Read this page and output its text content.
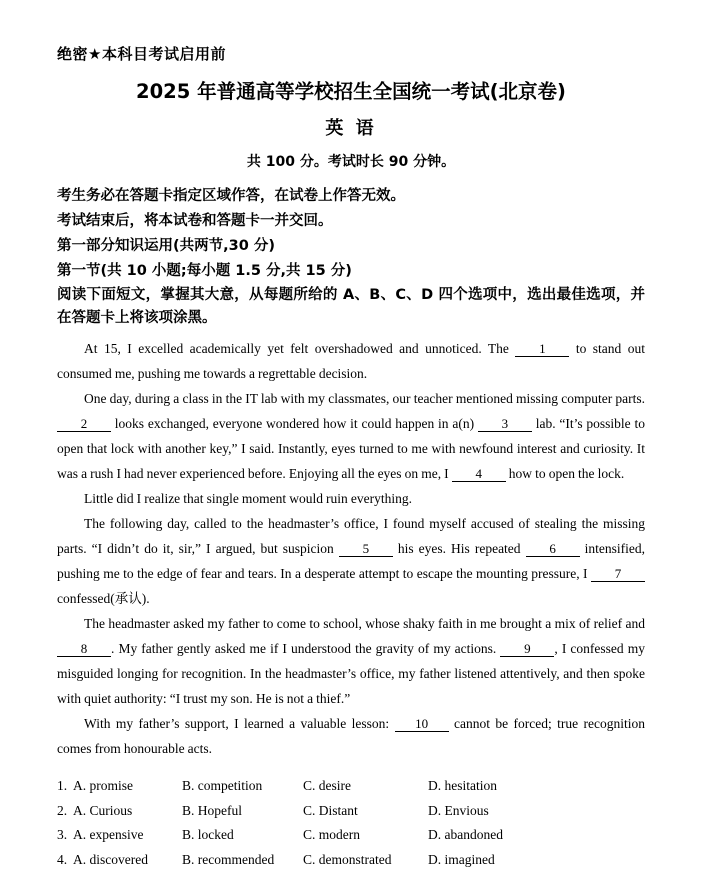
绝密★本科目考试启用前
2025 年普通高等学校招生全国统一考试(北京卷)
英 语
共 100 分。考试时长 90 分钟。
考生务必在答题卡指定区域作答，在试卷上作答无效。
考试结束后，将本试卷和答题卡一并交回。
第一部分知识运用(共两节,30 分)
第一节(共 10 小题;每小题 1.5 分,共 15 分)
阅读下面短文，掌握其大意，从每题所给的 A、B、C、D 四个选项中，选出最佳选项，并在答题卡上将该项涂黑。

At 15, I excelled academically yet felt overshadowed and unnoticed. The 1 to stand out consumed me, pushing me towards a regrettable decision.

One day, during a class in the IT lab with my classmates, our teacher mentioned missing computer parts. 2 looks exchanged, everyone wondered how it could happen in a(n) 3 lab. “It’s possible to open that lock with another key,” I said. Instantly, eyes turned to me with newfound interest and curiosity. It was a rush I had never experienced before. Enjoying all the eyes on me, I 4 how to open the lock.

Little did I realize that single moment would ruin everything.

The following day, called to the headmaster’s office, I found myself accused of stealing the missing parts. “I didn’t do it, sir,” I argued, but suspicion 5 his eyes. His repeated 6 intensified, pushing me to the edge of fear and tears. In a desperate attempt to escape the mounting pressure, I 7 confessed(承认).

The headmaster asked my father to come to school, whose shaky faith in me brought a mix of relief and 8 . My father gently asked me if I understood the gravity of my actions. 9 , I confessed my misguided longing for recognition. In the headmaster’s office, my father listened attentively, and then spoke with quiet authority: “I trust my son. He is not a thief.”

With my father’s support, I learned a valuable lesson: 10 cannot be forced; true recognition comes from honourable acts.

1. A. promise	B. competition	C. desire	D. hesitation
2. A. Curious	B. Hopeful	C. Distant	D. Envious
3. A. expensive	B. locked	C. modern	D. abandoned
4. A. discovered	B. recommended	C. demonstrated	D. imagined
